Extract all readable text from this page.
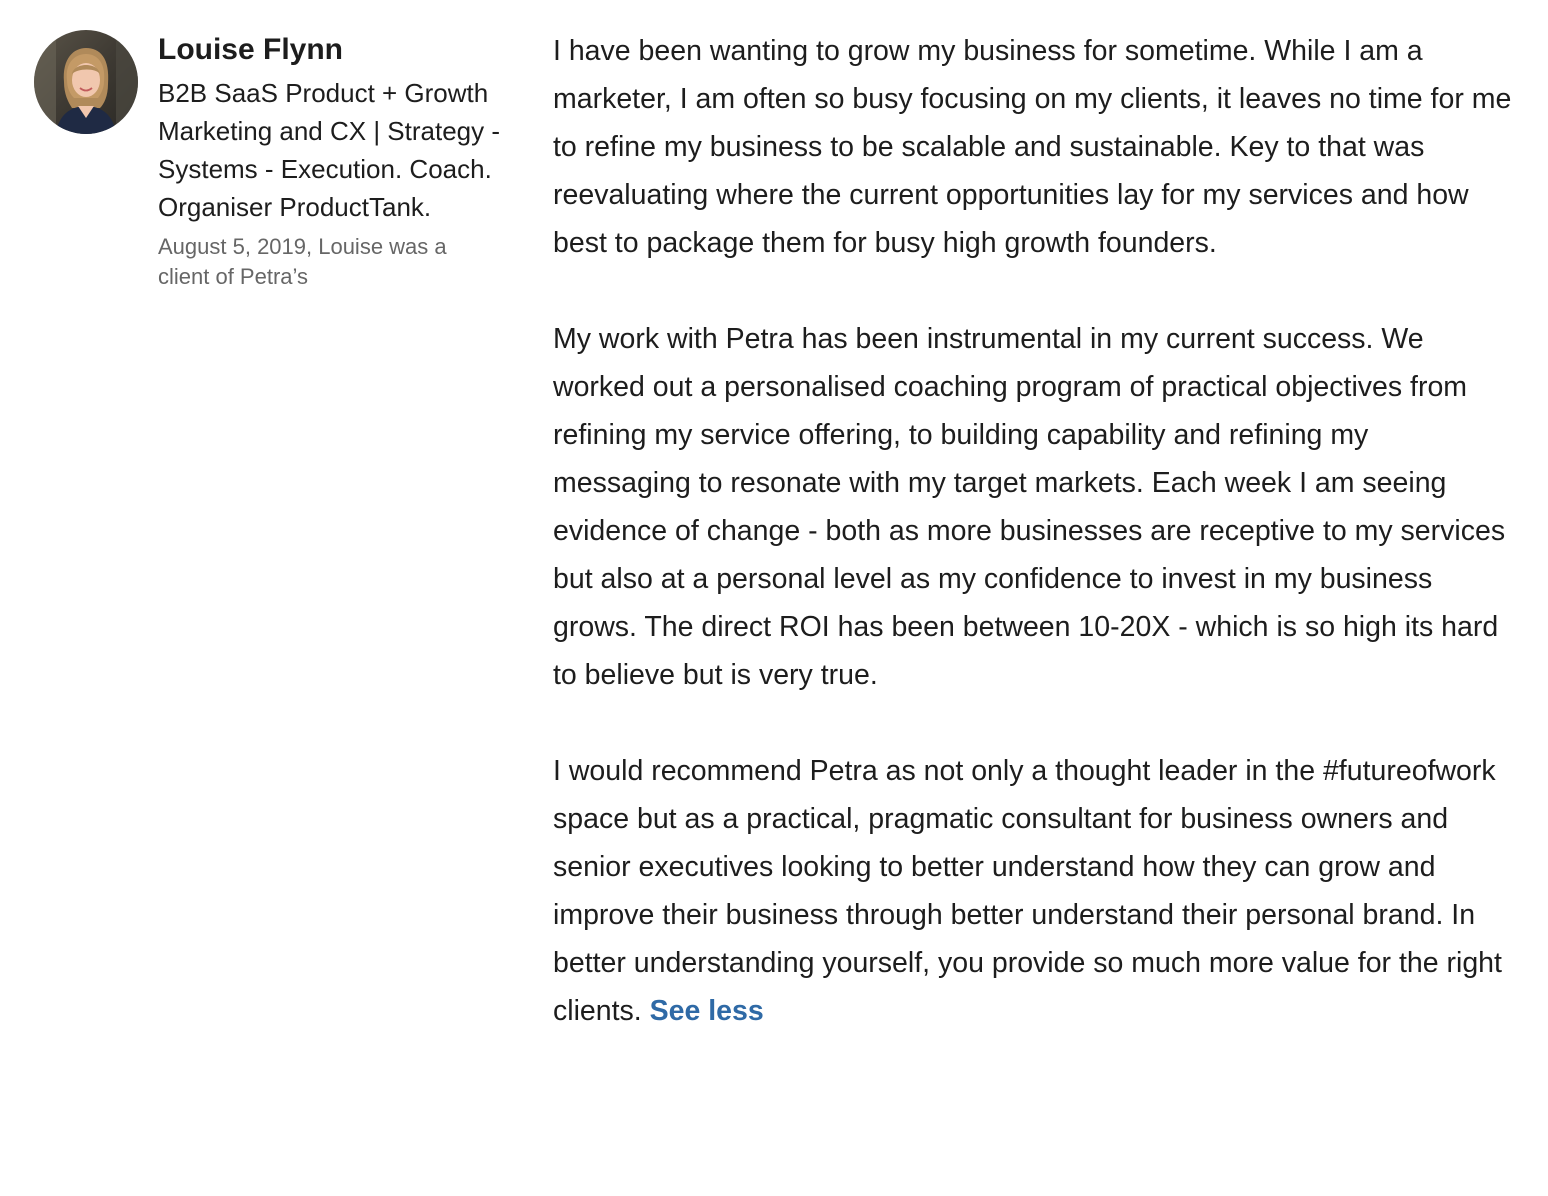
Louise Flynn

B2B SaaS Product + Growth Marketing and CX | Strategy - Systems - Execution. Coach. Organiser ProductTank.

August 5, 2019, Louise was a client of Petra’s

I have been wanting to grow my business for sometime. While I am a marketer, I am often so busy focusing on my clients, it leaves no time for me to refine my business to be scalable and sustainable. Key to that was reevaluating where the current opportunities lay for my services and how best to package them for busy high growth founders.

My work with Petra has been instrumental in my current success. We worked out a personalised coaching program of practical objectives from refining my service offering, to building capability and refining my messaging to resonate with my target markets. Each week I am seeing evidence of change - both as more businesses are receptive to my services but also at a personal level as my confidence to invest in my business grows. The direct ROI has been between 10-20X - which is so high its hard to believe but is very true.

I would recommend Petra as not only a thought leader in the #futureofwork space but as a practical, pragmatic consultant for business owners and senior executives looking to better understand how they can grow and improve their business through better understand their personal brand. In better understanding yourself, you provide so much more value for the right clients. See less
